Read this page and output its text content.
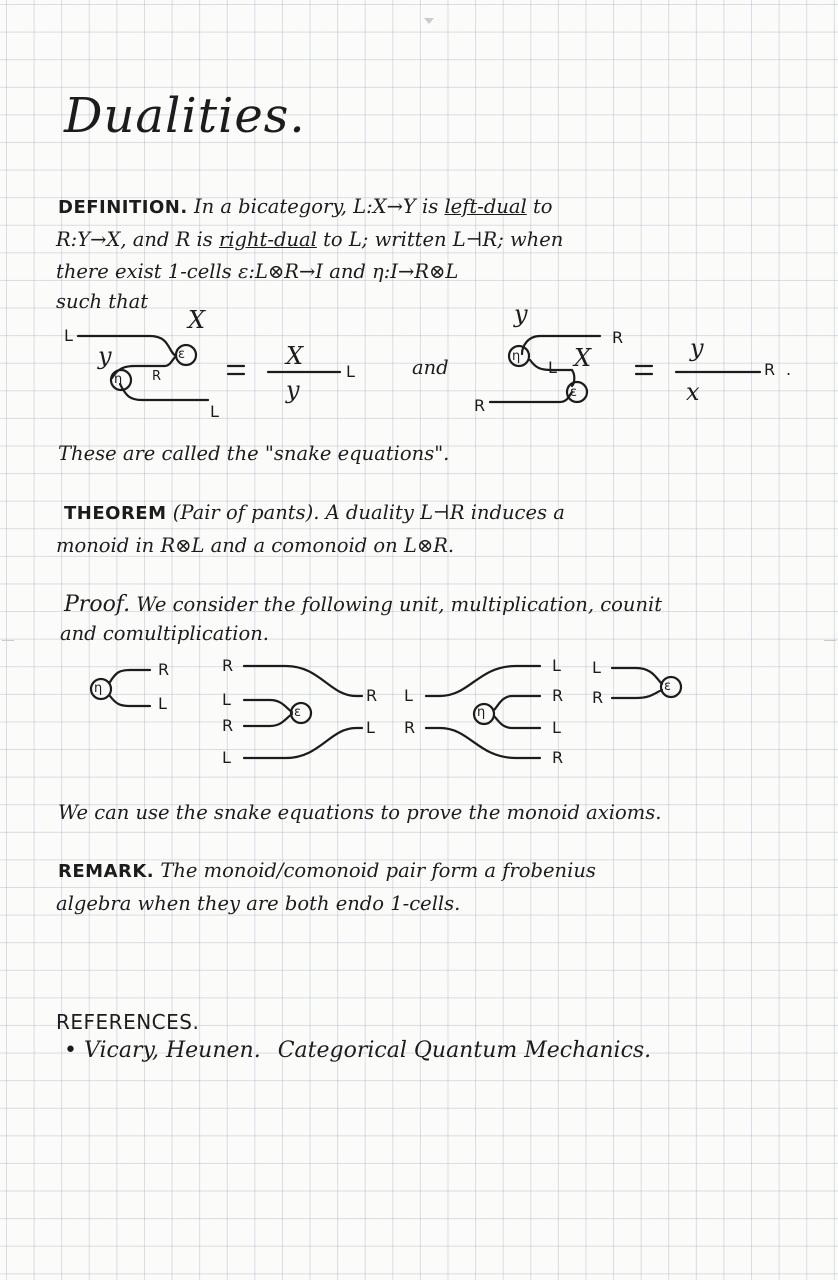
Dualities.
DEFINITION. In a bicategory, L:X→Y is left-dual to
R:Y→X, and R is right-dual to L; written L⊣R; when
there exist 1-cells ε:L⊗R→I and η:I→R⊗L
such that
L
X
y	ε
η R
L
X
y
L	and
y
R
η
L X
ε
R
y
x
R .
These are called the "snake equations".
THEOREM (Pair of pants). A duality L⊣R induces a
monoid in R⊗L and a comonoid on L⊗R.
Proof. We consider the following unit, multiplication, counit
and comultiplication.
η
R
L
R
L
R
L
ε
R
L
L
R
η
L
R
L
R
L
R
ε
We can use the snake equations to prove the monoid axioms.
REMARK. The monoid/comonoid pair form a frobenius
algebra when they are both endo 1-cells.
REFERENCES.
• Vicary, Heunen. Categorical Quantum Mechanics.
